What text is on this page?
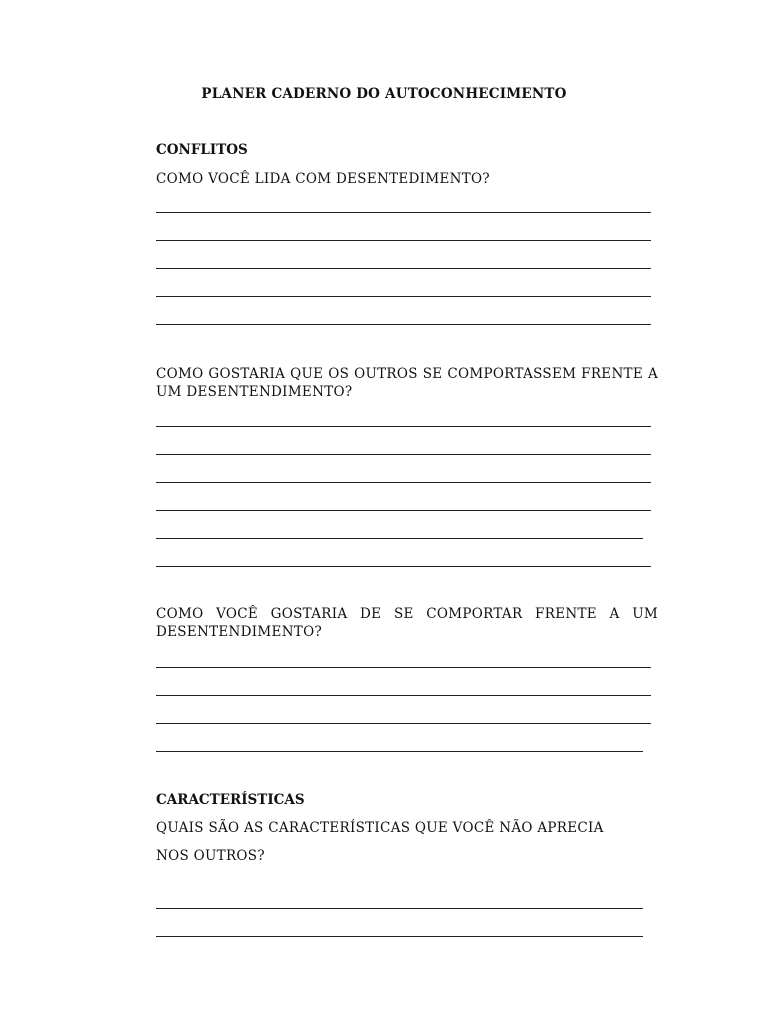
PLANER CADERNO DO AUTOCONHECIMENTO
CONFLITOS
COMO VOCÊ LIDA COM DESENTEDIMENTO?
COMO GOSTARIA QUE OS OUTROS SE COMPORTASSEM FRENTE A UM DESENTENDIMENTO?
COMO VOCÊ GOSTARIA DE SE COMPORTAR FRENTE A UM DESENTENDIMENTO?
CARACTERÍSTICAS
QUAIS SÃO AS CARACTERÍSTICAS QUE VOCÊ NÃO APRECIA
NOS OUTROS?
